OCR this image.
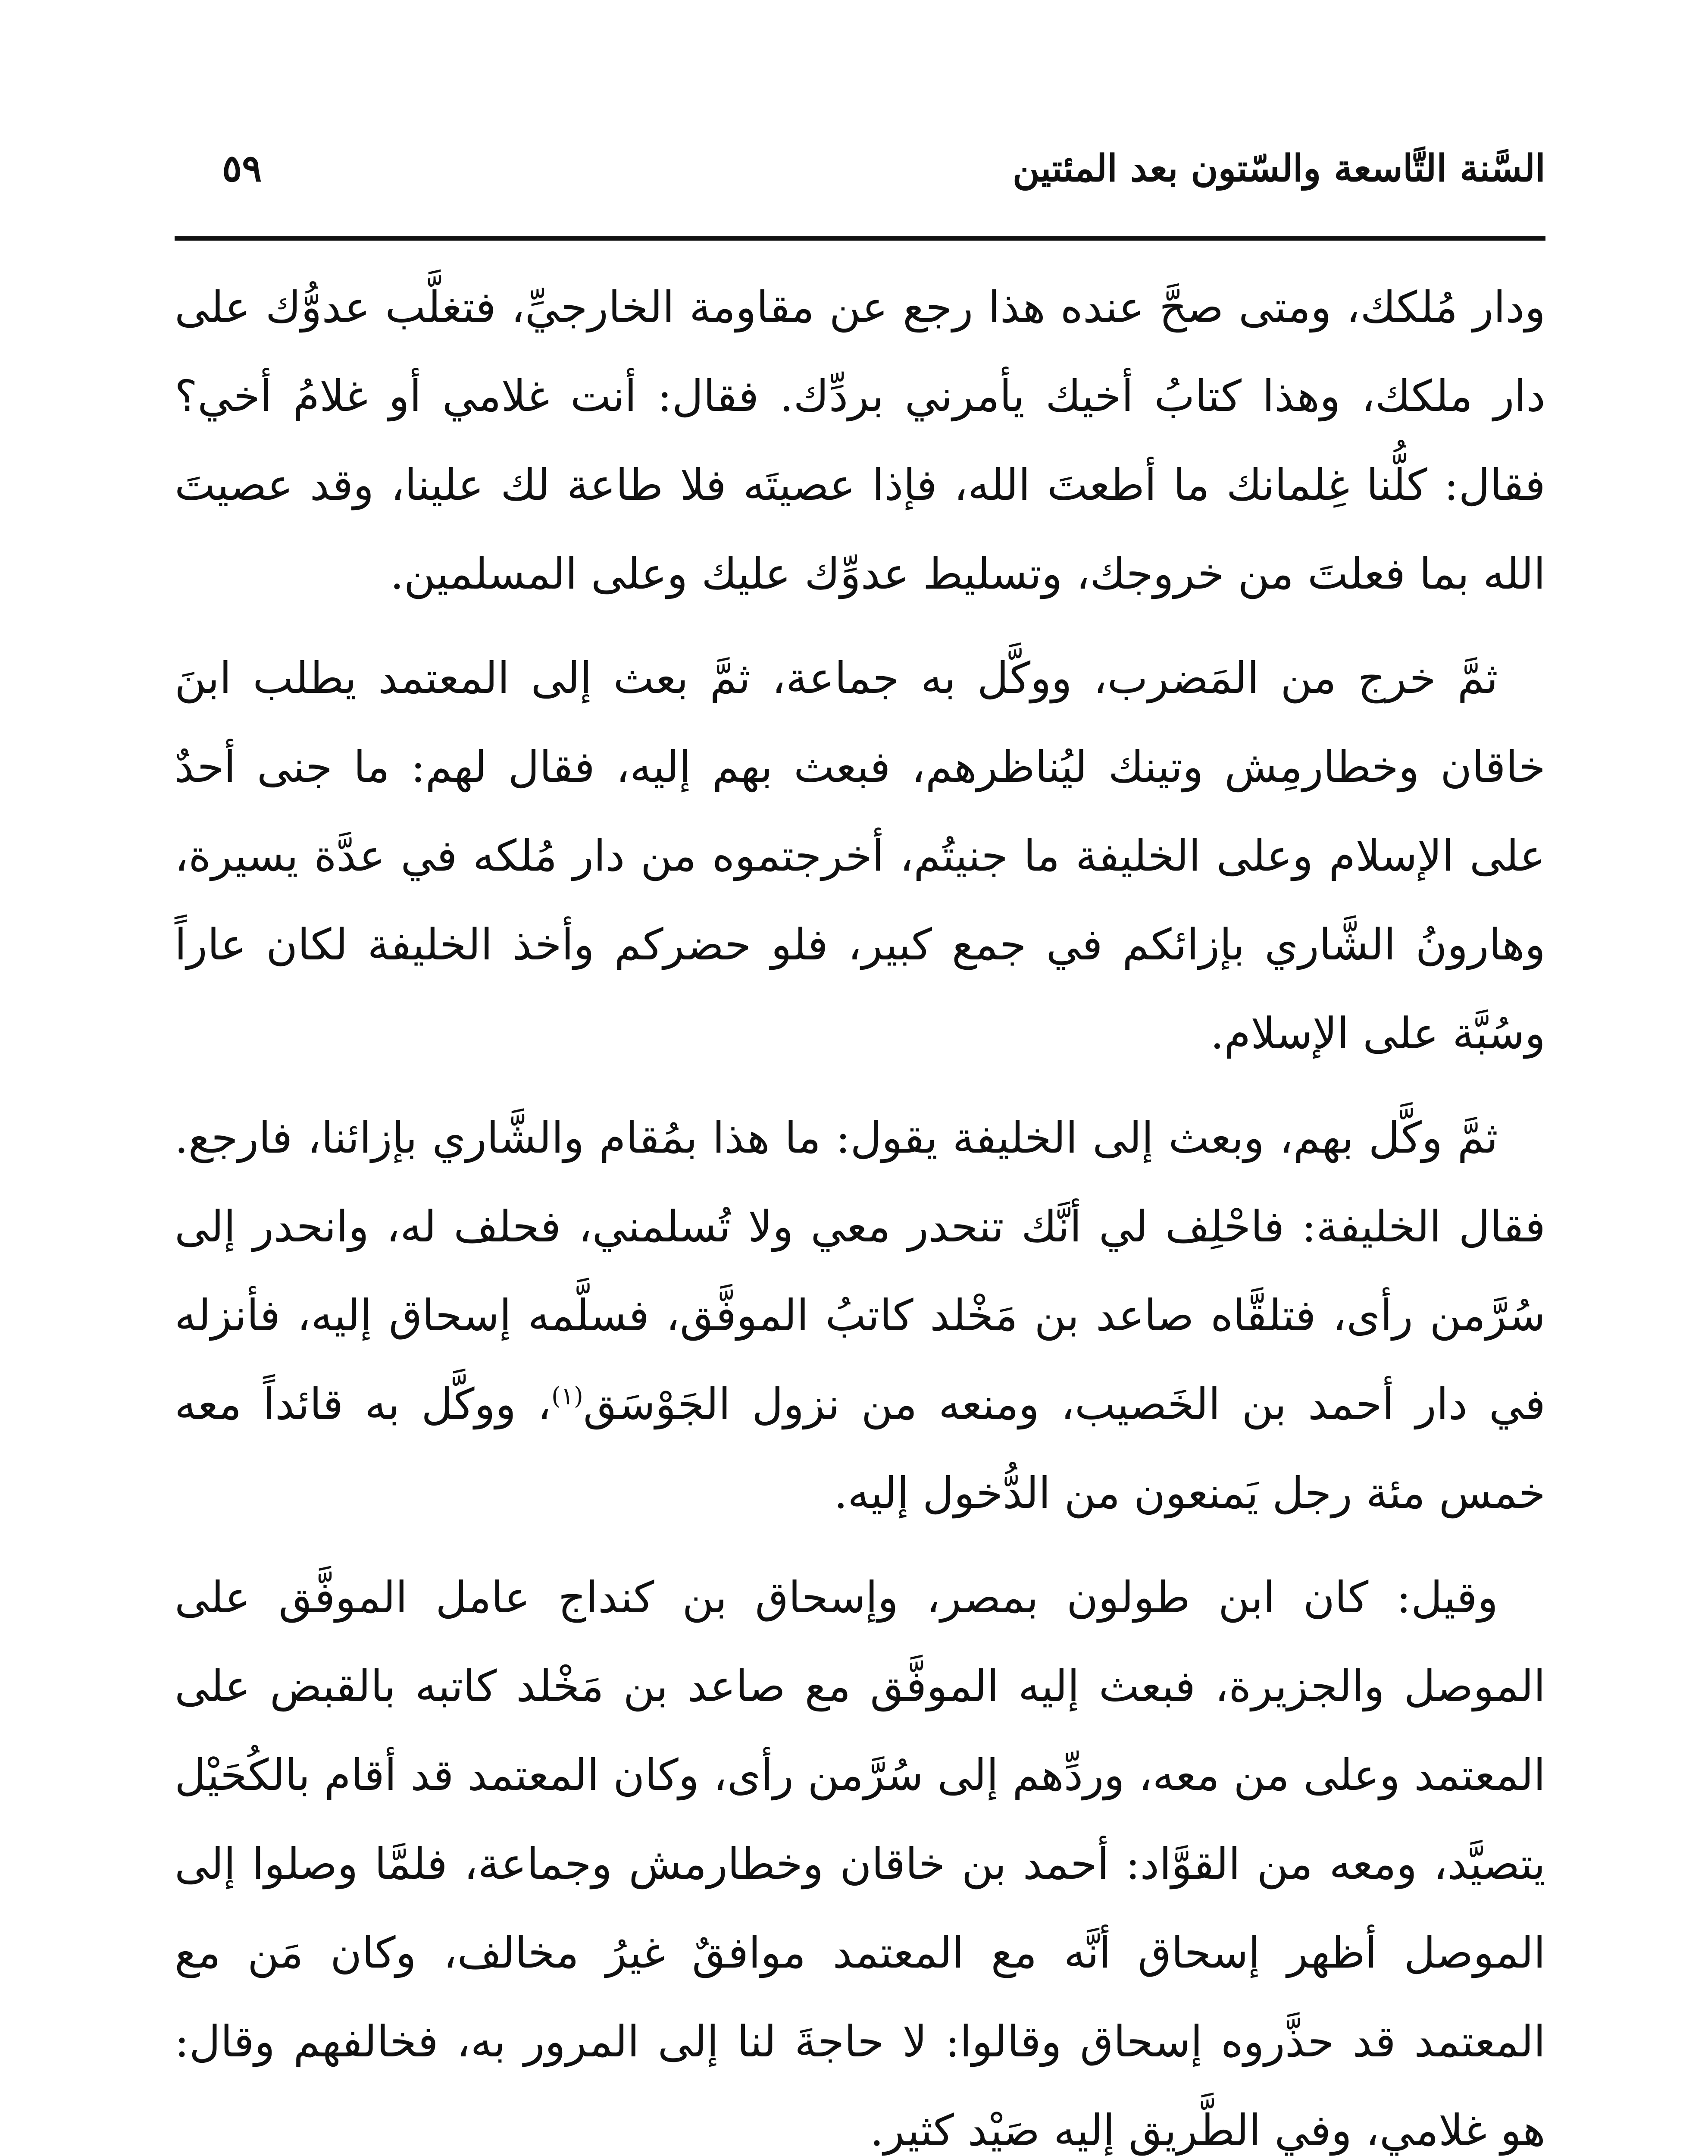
السَّنة التَّاسعة والسّتون بعد المئتين
٥٩

ودار مُلكك، ومتى صحَّ عنده هذا رجع عن مقاومة الخارجيِّ، فتغلَّب عدوُّك على دار ملكك، وهذا كتابُ أخيك يأمرني بردِّك. فقال: أنت غلامي أو غلامُ أخي؟ فقال: كلُّنا غِلمانك ما أطعتَ الله، فإذا عصيتَه فلا طاعة لك علينا، وقد عصيتَ الله بما فعلتَ من خروجك، وتسليط عدوِّك عليك وعلى المسلمين.

ثمَّ خرج من المَضرب، ووكَّل به جماعة، ثمَّ بعث إلى المعتمد يطلب ابنَ خاقان وخطارمِش وتينك ليُناظرهم، فبعث بهم إليه، فقال لهم: ما جنى أحدٌ على الإسلام وعلى الخليفة ما جنيتُم، أخرجتموه من دار مُلكه في عدَّة يسيرة، وهارونُ الشَّاري بإزائكم في جمع كبير، فلو حضركم وأخذ الخليفة لكان عاراً وسُبَّة على الإسلام.

ثمَّ وكَّل بهم، وبعث إلى الخليفة يقول: ما هذا بمُقام والشَّاري بإزائنا، فارجع. فقال الخليفة: فاحْلِف لي أنَّك تنحدر معي ولا تُسلمني، فحلف له، وانحدر إلى سُرَّمن رأى، فتلقَّاه صاعد بن مَخْلد كاتبُ الموفَّق، فسلَّمه إسحاق إليه، فأنزله في دار أحمد بن الخَصيب، ومنعه من نزول الجَوْسَق$^{(١)}$، ووكَّل به قائداً معه خمس مئة رجل يَمنعون من الدُّخول إليه.

وقيل: كان ابن طولون بمصر، وإسحاق بن كنداج عامل الموفَّق على الموصل والجزيرة، فبعث إليه الموفَّق مع صاعد بن مَخْلد كاتبه بالقبض على المعتمد وعلى من معه، وردِّهم إلى سُرَّمن رأى، وكان المعتمد قد أقام بالكُحَيْل يتصيَّد، ومعه من القوَّاد: أحمد بن خاقان وخطارمش وجماعة، فلمَّا وصلوا إلى الموصل أظهر إسحاق أنَّه مع المعتمد موافقٌ غيرُ مخالف، وكان مَن مع المعتمد قد حذَّروه إسحاق وقالوا: لا حاجةَ لنا إلى المرور به، فخالفهم وقال: هو غلامي، وفي الطَّريق إليه صَيْد كثير.
